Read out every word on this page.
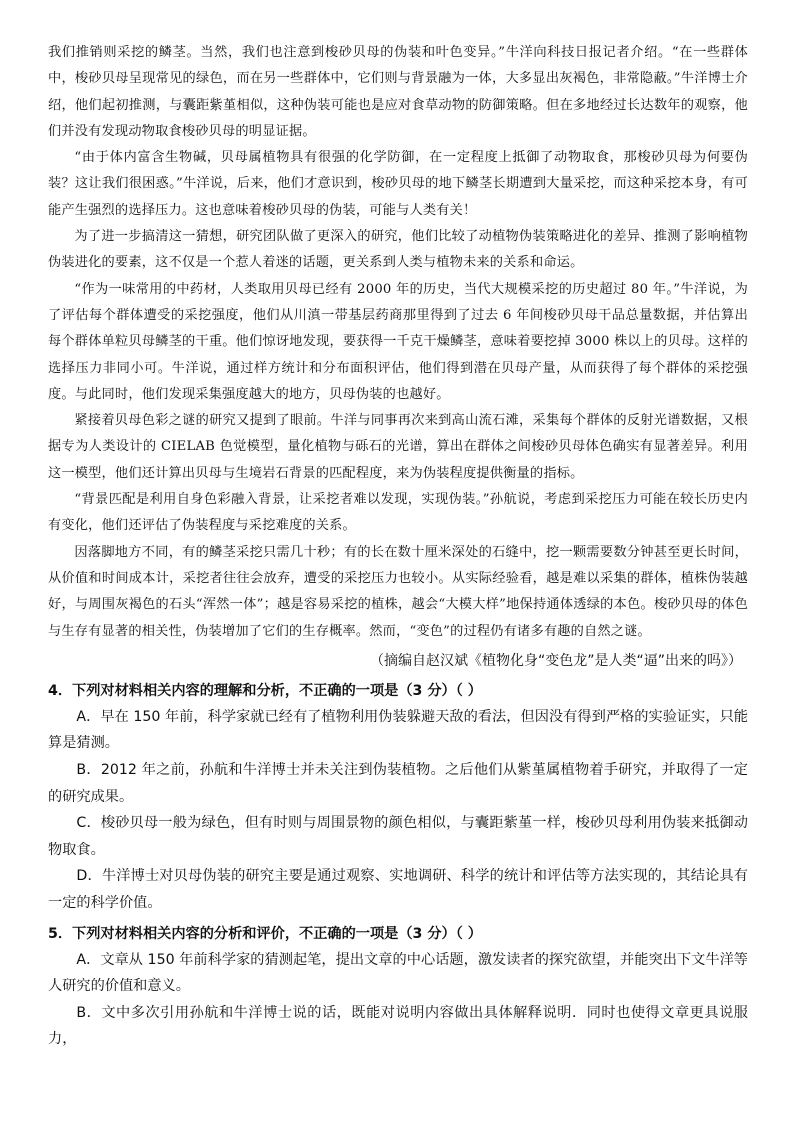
我们推销则采挖的鳞茎。当然，我们也注意到梭砂贝母的伪装和叶色变异。”牛洋向科技日报记者介绍。“在一些群体中，梭砂贝母呈现常见的绿色，而在另一些群体中，它们则与背景融为一体，大多显出灰褐色，非常隐蔽。”牛洋博士介绍，他们起初推测，与囊距紫堇相似，这种伪装可能也是应对食草动物的防御策略。但在多地经过长达数年的观察，他们并没有发现动物取食梭砂贝母的明显证据。

“由于体内富含生物碱，贝母属植物具有很强的化学防御，在一定程度上抵御了动物取食，那梭砂贝母为何要伪装？这让我们很困惑。”牛洋说，后来，他们才意识到，梭砂贝母的地下鳞茎长期遭到大量采挖，而这种采挖本身，有可能产生强烈的选择压力。这也意味着梭砂贝母的伪装，可能与人类有关！

为了进一步搞清这一猜想，研究团队做了更深入的研究，他们比较了动植物伪装策略进化的差异、推测了影响植物伪装进化的要素，这不仅是一个惹人着迷的话题，更关系到人类与植物未来的关系和命运。

“作为一味常用的中药材，人类取用贝母已经有 2000 年的历史，当代大规模采挖的历史超过 80 年。”牛洋说，为了评估每个群体遭受的采挖强度，他们从川滇一带基层药商那里得到了过去 6 年间梭砂贝母干品总量数据，并估算出每个群体单粒贝母鳞茎的干重。他们惊讶地发现，要获得一千克干燥鳞茎，意味着要挖掉 3000 株以上的贝母。这样的选择压力非同小可。牛洋说，通过样方统计和分布面积评估，他们得到潜在贝母产量，从而获得了每个群体的采挖强度。与此同时，他们发现采集强度越大的地方，贝母伪装的也越好。

紧接着贝母色彩之谜的研究又提到了眼前。牛洋与同事再次来到高山流石滩，采集每个群体的反射光谱数据，又根据专为人类设计的 CIELAB 色觉模型，量化植物与砾石的光谱，算出在群体之间梭砂贝母体色确实有显著差异。利用这一模型，他们还计算出贝母与生境岩石背景的匹配程度，来为伪装程度提供衡量的指标。

“背景匹配是利用自身色彩融入背景，让采挖者难以发现，实现伪装。”孙航说，考虑到采挖压力可能在较长历史内有变化，他们还评估了伪装程度与采挖难度的关系。

因落脚地方不同，有的鳞茎采挖只需几十秒；有的长在数十厘米深处的石缝中，挖一颗需要数分钟甚至更长时间，从价值和时间成本计，采挖者往往会放弃，遭受的采挖压力也较小。从实际经验看，越是难以采集的群体，植株伪装越好，与周围灰褐色的石头“浑然一体”；越是容易采挖的植株，越会“大模大样”地保持通体透绿的本色。梭砂贝母的体色与生存有显著的相关性，伪装增加了它们的生存概率。然而，“变色”的过程仍有诸多有趣的自然之谜。

（摘编自赵汉斌《植物化身“变色龙”是人类“逼”出来的吗》）

4．下列对材料相关内容的理解和分析，不正确的一项是（3 分）（ ）

A．早在 150 年前，科学家就已经有了植物利用伪装躲避天敌的看法，但因没有得到严格的实验证实，只能算是猜测。

B．2012 年之前，孙航和牛洋博士并未关注到伪装植物。之后他们从紫堇属植物着手研究，并取得了一定的研究成果。

C．梭砂贝母一般为绿色，但有时则与周围景物的颜色相似，与囊距紫堇一样，梭砂贝母利用伪装来抵御动物取食。

D．牛洋博士对贝母伪装的研究主要是通过观察、实地调研、科学的统计和评估等方法实现的，其结论具有一定的科学价值。

5．下列对材料相关内容的分析和评价，不正确的一项是（3 分）（ ）

A．文章从 150 年前科学家的猜测起笔，提出文章的中心话题，激发读者的探究欲望，并能突出下文牛洋等人研究的价值和意义。

B．文中多次引用孙航和牛洋博士说的话，既能对说明内容做出具体解释说明．同时也使得文章更具说服力，
